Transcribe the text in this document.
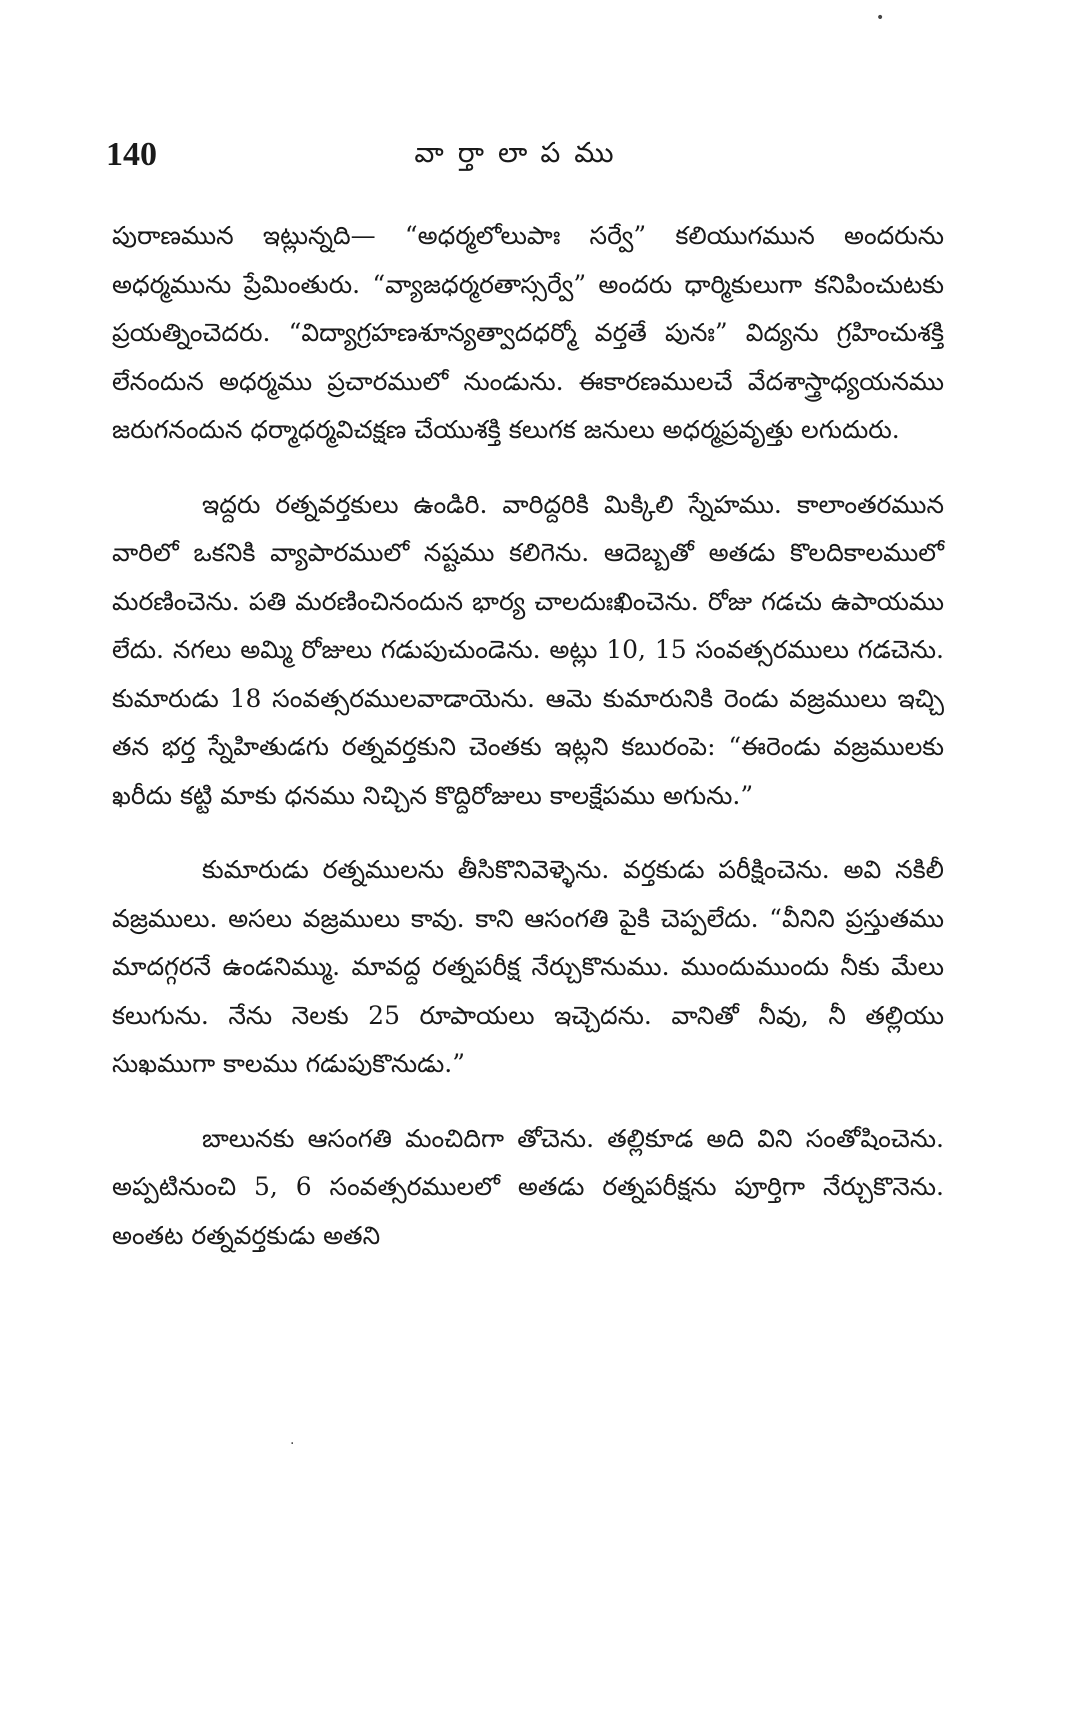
140	వార్తాలాపము

పురాణమున ఇట్లున్నది— “అధర్మలోలుపాః సర్వే” కలియుగమున అందరును అధర్మమును ప్రేమింతురు. “వ్యాజధర్మరతాస్సర్వే” అందరు ధార్మికులుగా కనిపించుటకు ప్రయత్నించెదరు. “విద్యాగ్రహణశూన్యత్వాదధర్మో వర్తతే పునః” విద్యను గ్రహించుశక్తి లేనందున అధర్మము ప్రచారములో నుండును. ఈకారణములచే వేదశాస్త్రాధ్యయనము జరుగనందున ధర్మాధర్మవిచక్షణ చేయుశక్తి కలుగక జనులు అధర్మప్రవృత్తు లగుదురు.

ఇద్దరు రత్నవర్తకులు ఉండిరి. వారిద్దరికి మిక్కిలి స్నేహము. కాలాంతరమున వారిలో ఒకనికి వ్యాపారములో నష్టము కలిగెను. ఆదెబ్బతో అతడు కొలదికాలములో మరణించెను. పతి మరణించినందున భార్య చాలదుఃఖించెను. రోజు గడచు ఉపాయము లేదు. నగలు అమ్మి రోజులు గడుపుచుండెను. అట్లు 10, 15 సంవత్సరములు గడచెను. కుమారుడు 18 సంవత్సరములవాడాయెను. ఆమె కుమారునికి రెండు వజ్రములు ఇచ్చి తన భర్త స్నేహితుడగు రత్నవర్తకుని చెంతకు ఇట్లని కబురంపె: “ఈరెండు వజ్రములకు ఖరీదు కట్టి మాకు ధనము నిచ్చిన కొద్దిరోజులు కాలక్షేపము అగును.”

కుమారుడు రత్నములను తీసికొనివెళ్ళెను. వర్తకుడు పరీక్షించెను. అవి నకిలీ వజ్రములు. అసలు వజ్రములు కావు. కాని ఆసంగతి పైకి చెప్పలేదు. “వీనిని ప్రస్తుతము మాదగ్గరనే ఉండనిమ్ము. మావద్ద రత్నపరీక్ష నేర్చుకొనుము. ముందుముందు నీకు మేలు కలుగును. నేను నెలకు 25 రూపాయలు ఇచ్చెదను. వానితో నీవు, నీ తల్లియు సుఖముగా కాలము గడుపుకొనుడు.”

బాలునకు ఆసంగతి మంచిదిగా తోచెను. తల్లికూడ అది విని సంతోషించెను. అప్పటినుంచి 5, 6 సంవత్సరములలో అతడు రత్నపరీక్షను పూర్తిగా నేర్చుకొనెను. అంతట రత్నవర్తకుడు అతని

•
·
